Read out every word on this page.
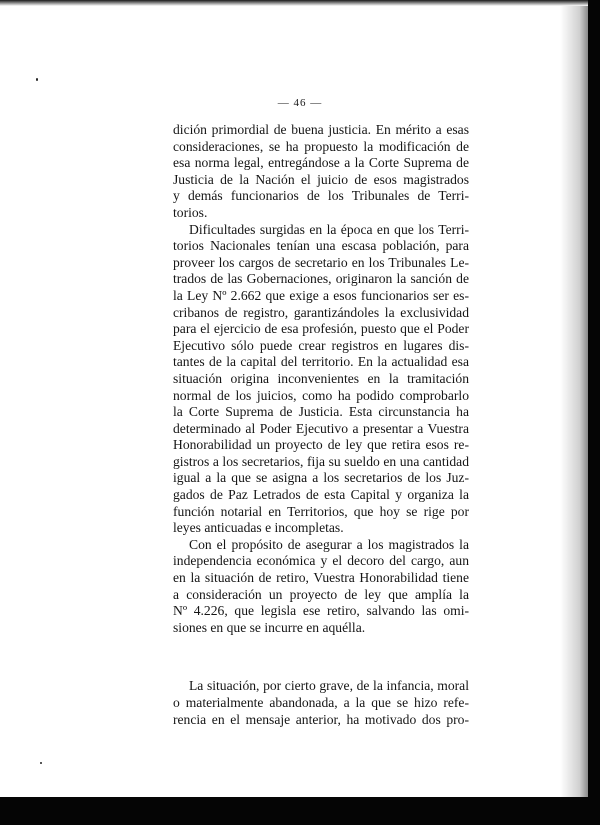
— 46 —

dición primordial de buena justicia. En mérito a esas

consideraciones, se ha propuesto la modificación de

esa norma legal, entregándose a la Corte Suprema de

Justicia de la Nación el juicio de esos magistrados

y demás funcionarios de los Tribunales de Terri-

torios.

Dificultades surgidas en la época en que los Terri-

torios Nacionales tenían una escasa población, para

proveer los cargos de secretario en los Tribunales Le-

trados de las Gobernaciones, originaron la sanción de

la Ley Nº 2.662 que exige a esos funcionarios ser es-

cribanos de registro, garantizándoles la exclusividad

para el ejercicio de esa profesión, puesto que el Poder

Ejecutivo sólo puede crear registros en lugares dis-

tantes de la capital del territorio. En la actualidad esa

situación origina inconvenientes en la tramitación

normal de los juicios, como ha podido comprobarlo

la Corte Suprema de Justicia. Esta circunstancia ha

determinado al Poder Ejecutivo a presentar a Vuestra

Honorabilidad un proyecto de ley que retira esos re-

gistros a los secretarios, fija su sueldo en una cantidad

igual a la que se asigna a los secretarios de los Juz-

gados de Paz Letrados de esta Capital y organiza la

función notarial en Territorios, que hoy se rige por

leyes anticuadas e incompletas.

Con el propósito de asegurar a los magistrados la

independencia económica y el decoro del cargo, aun

en la situación de retiro, Vuestra Honorabilidad tiene

a consideración un proyecto de ley que amplía la

Nº 4.226, que legisla ese retiro, salvando las omi-

siones en que se incurre en aquélla.

La situación, por cierto grave, de la infancia, moral

o materialmente abandonada, a la que se hizo refe-

rencia en el mensaje anterior, ha motivado dos pro-
